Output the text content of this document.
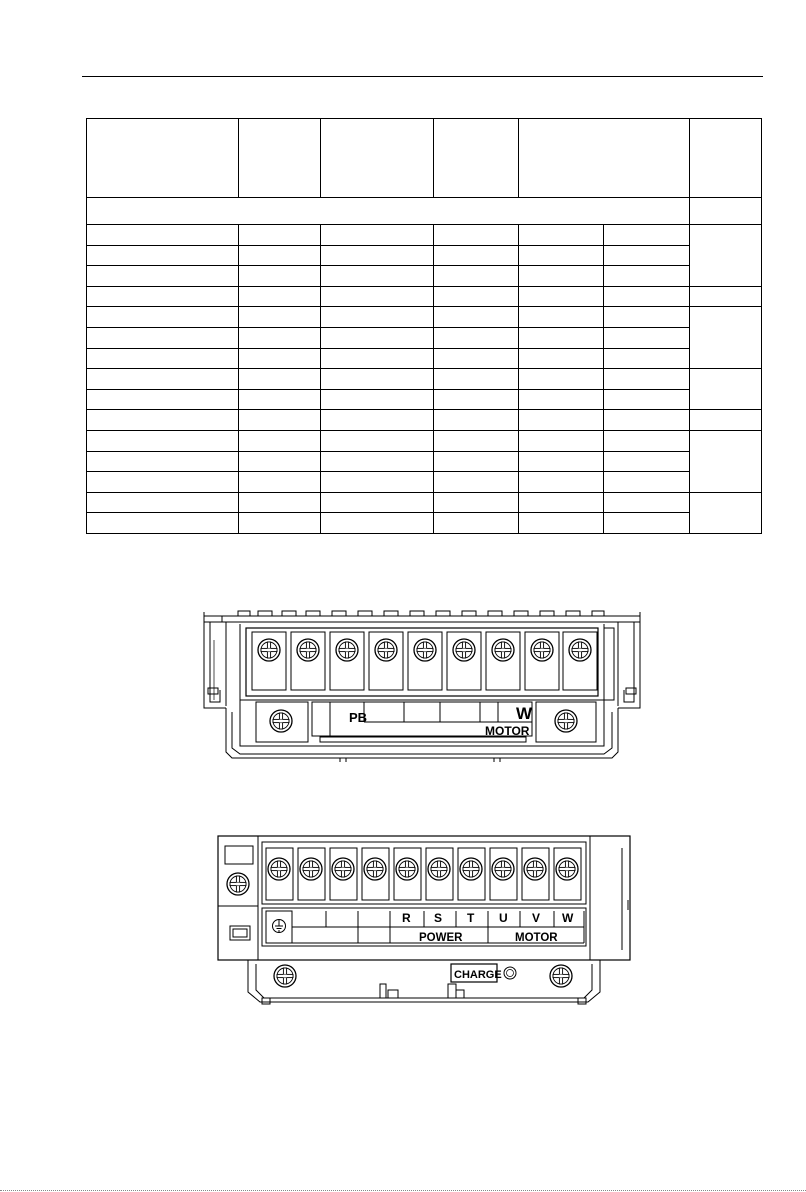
PB	W
MOTOR
R S T U V W
POWER	MOTOR
CHARGE
